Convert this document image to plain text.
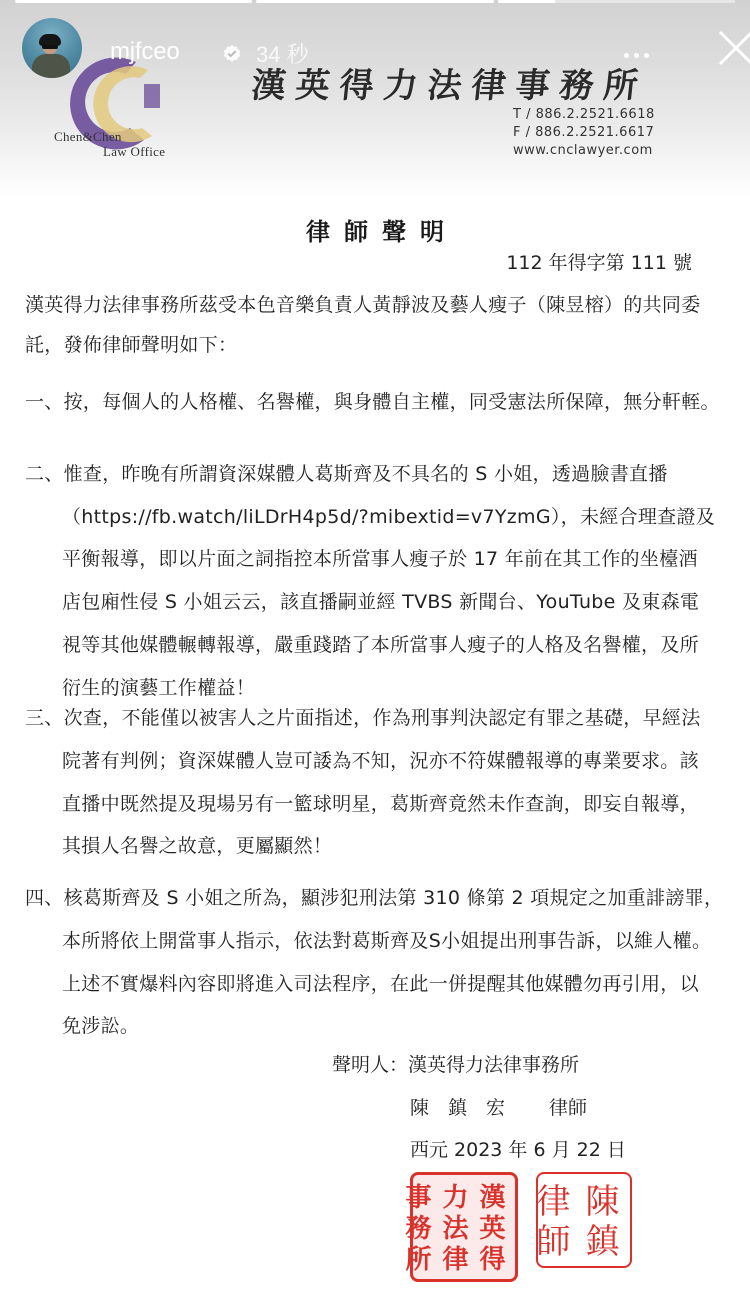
Chen&Chen
Law Office
漢英得力法律事務所
T / 886.2.2521.6618
F / 886.2.2521.6617
www.cnclawyer.com
mjfceo	34 秒
律師聲明
112 年得字第 111 號
漢英得力法律事務所茲受本色音樂負責人黃靜波及藝人瘦子（陳昱榕）的共同委
託，發佈律師聲明如下：
一、按，每個人的人格權、名譽權，與身體自主權，同受憲法所保障，無分軒輊。
二、惟查，昨晚有所謂資深媒體人葛斯齊及不具名的 S 小姐，透過臉書直播
（https://fb.watch/liLDrH4p5d/?mibextid=v7YzmG），未經合理查證及
平衡報導，即以片面之詞指控本所當事人瘦子於 17 年前在其工作的坐檯酒
店包廂性侵 S 小姐云云，該直播嗣並經 TVBS 新聞台、YouTube 及東森電
視等其他媒體輾轉報導，嚴重踐踏了本所當事人瘦子的人格及名譽權，及所
衍生的演藝工作權益！
三、次查，不能僅以被害人之片面指述，作為刑事判決認定有罪之基礎，早經法
院著有判例；資深媒體人豈可諉為不知，況亦不符媒體報導的專業要求。該
直播中既然提及現場另有一籃球明星，葛斯齊竟然未作查詢，即妄自報導，
其損人名譽之故意，更屬顯然！
四、核葛斯齊及 S 小姐之所為，顯涉犯刑法第 310 條第 2 項規定之加重誹謗罪，
本所將依上開當事人指示，依法對葛斯齊及S小姐提出刑事告訴，以維人權。
上述不實爆料內容即將進入司法程序，在此一併提醒其他媒體勿再引用，以
免涉訟。
聲明人：漢英得力法律事務所
陳　鎮　宏 律師
西元 2023 年 6 月 22 日
漢
力
事
英
法
務
得
律
所
陳
律
鎮
師
